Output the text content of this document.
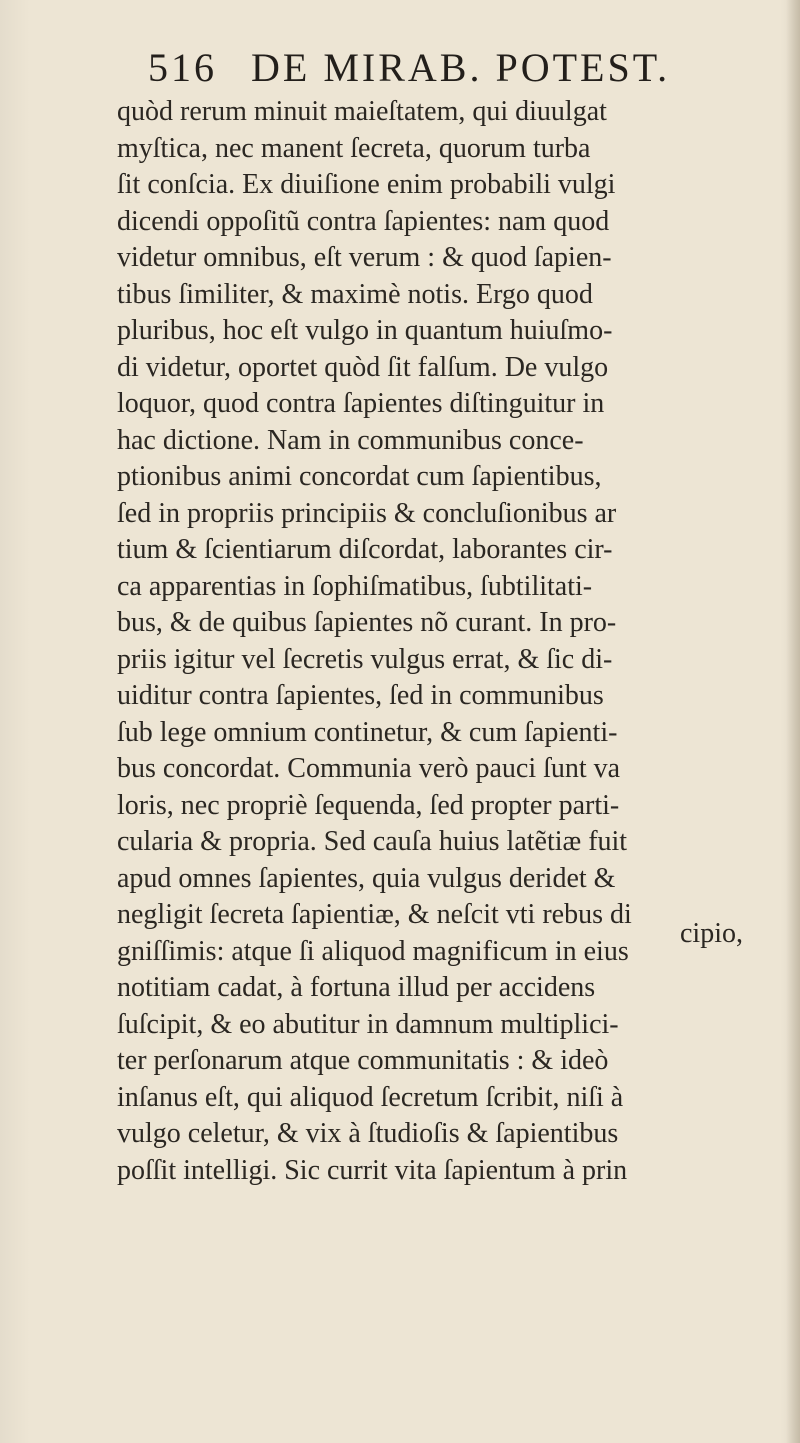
516 DE MIRAB. POTEST.
quòd rerum minuit maieſtatem, qui diuulgat
myſtica, nec manent ſecreta, quorum turba
ſit conſcia. Ex diuiſione enim probabili vulgi
dicendi oppoſitũ contra ſapientes: nam quod
videtur omnibus, eſt verum : & quod ſapien-
tibus ſimiliter, & maximè notis. Ergo quod
pluribus, hoc eſt vulgo in quantum huiuſmo-
di videtur, oportet quòd ſit falſum. De vulgo
loquor, quod contra ſapientes diſtinguitur in
hac dictione. Nam in communibus conce-
ptionibus animi concordat cum ſapientibus,
ſed in propriis principiis & concluſionibus ar
tium & ſcientiarum diſcordat, laborantes cir-
ca apparentias in ſophiſmatibus, ſubtilitati-
bus, & de quibus ſapientes nõ curant. In pro-
priis igitur vel ſecretis vulgus errat, & ſic di-
uiditur contra ſapientes, ſed in communibus
ſub lege omnium continetur, & cum ſapienti-
bus concordat. Communia verò pauci ſunt va
loris, nec propriè ſequenda, ſed propter parti-
cularia & propria. Sed cauſa huius latẽtiæ fuit
apud omnes ſapientes, quia vulgus deridet &
negligit ſecreta ſapientiæ, & neſcit vti rebus di
gniſſimis: atque ſi aliquod magnificum in eius
notitiam cadat, à fortuna illud per accidens
ſuſcipit, & eo abutitur in damnum multiplici-
ter perſonarum atque communitatis : & ideò
inſanus eſt, qui aliquod ſecretum ſcribit, niſi à
vulgo celetur, & vix à ſtudioſis & ſapientibus
poſſit intelligi. Sic currit vita ſapientum à prin
cipio,
